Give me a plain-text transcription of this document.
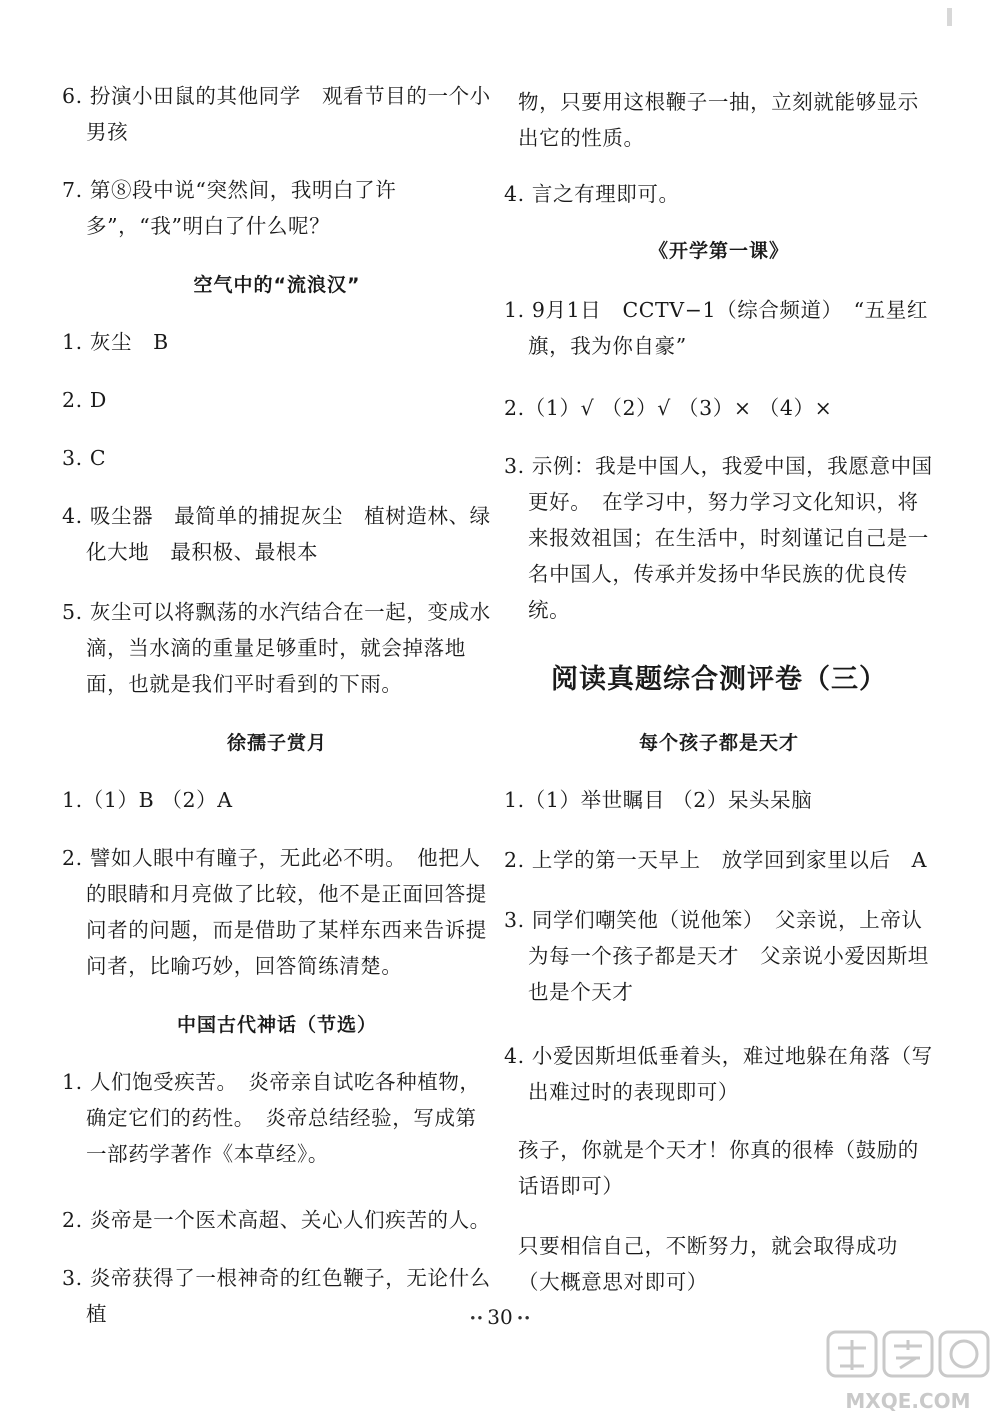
6. 扮演小田鼠的其他同学　观看节目的一个小男孩
7. 第⑧段中说“突然间，我明白了许多”，“我”明白了什么呢？
空气中的“流浪汉”
1. 灰尘　B
2. D
3. C
4. 吸尘器　最简单的捕捉灰尘　植树造林、绿化大地　最积极、最根本
5. 灰尘可以将飘荡的水汽结合在一起，变成水滴，当水滴的重量足够重时，就会掉落地面，也就是我们平时看到的下雨。
徐孺子赏月
1.（1）B （2）A
2. 譬如人眼中有瞳子，无此必不明。　他把人的眼睛和月亮做了比较，他不是正面回答提问者的问题，而是借助了某样东西来告诉提问者，比喻巧妙，回答简练清楚。
中国古代神话（节选）
1. 人们饱受疾苦。　炎帝亲自试吃各种植物，确定它们的药性。　炎帝总结经验，写成第一部药学著作《本草经》。
2. 炎帝是一个医术高超、关心人们疾苦的人。
3. 炎帝获得了一根神奇的红色鞭子，无论什么植
物，只要用这根鞭子一抽，立刻就能够显示出它的性质。
4. 言之有理即可。
《开学第一课》
1. 9月1日　CCTV−1（综合频道）　“五星红旗，我为你自豪”
2.（1）√ （2）√ （3）× （4）×
3. 示例：我是中国人，我爱中国，我愿意中国更好。　在学习中，努力学习文化知识，将来报效祖国；在生活中，时刻谨记自己是一名中国人，传承并发扬中华民族的优良传统。
阅读真题综合测评卷（三）
每个孩子都是天才
1.（1）举世瞩目 （2）呆头呆脑
2. 上学的第一天早上　放学回到家里以后　A
3. 同学们嘲笑他（说他笨）　父亲说，上帝认为每一个孩子都是天才　父亲说小爱因斯坦也是个天才
4. 小爱因斯坦低垂着头，难过地躲在角落（写出难过时的表现即可）
孩子，你就是个天才！你真的很棒（鼓励的话语即可）
只要相信自己，不断努力，就会取得成功（大概意思对即可）
•• 30 ••
MXQE.COM
